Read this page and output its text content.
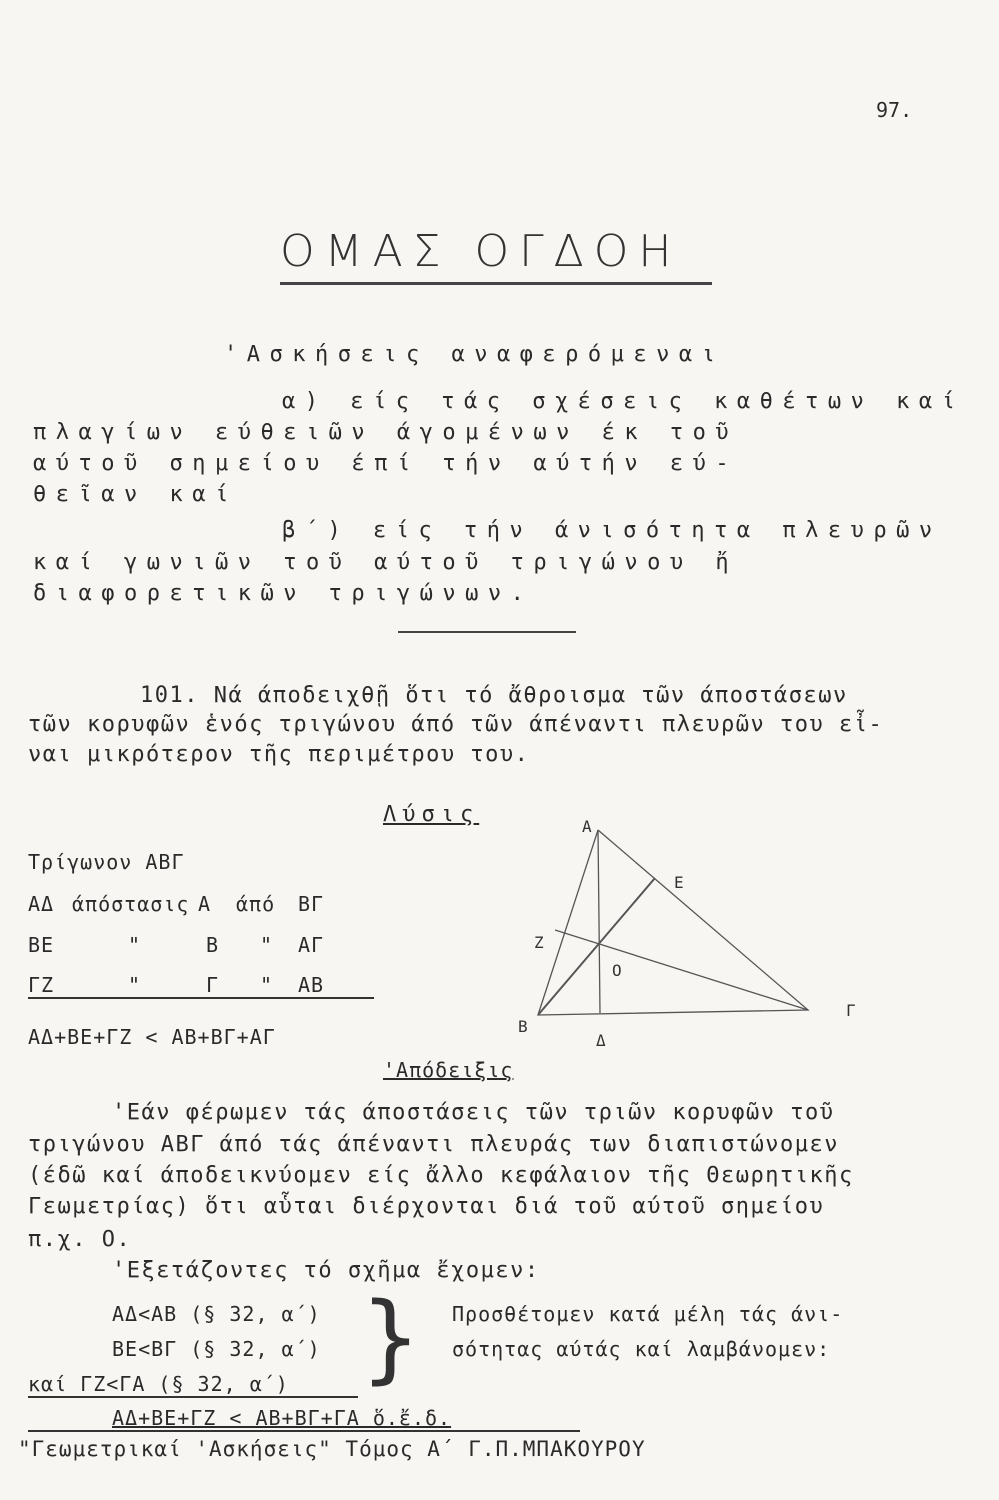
97.
ΟΜΑΣ ΟΓΔΟΗ
'Ασκήσεις αναφερόμεναι
α) είς τάς σχέσεις καθέτων καί
πλαγίων εύθειῶν άγομένων έκ τοῦ
αύτοῦ σημείου έπί τήν αύτήν εύ-
θεῖαν καί
β΄) είς τήν άνισότητα πλευρῶν
καί γωνιῶν τοῦ αύτοῦ τριγώνου ἤ
διαφορετικῶν τριγώνων.
101. Νά άποδειχθῇ ὅτι τό ἄθροισμα τῶν άποστάσεων
τῶν κορυφῶν ἑνός τριγώνου άπό τῶν άπέναντι πλευρῶν του εἶ-
ναι μικρότερον τῆς περιμέτρου του.
Λύσις
Τρίγωνον ΑΒΓ
ΑΔ άπόστασις Α άπό ΒΓ
ΒΕ	"	Β " ΑΓ
ΓΖ	"	Γ " ΑΒ
ΑΔ+ΒΕ+ΓΖ < ΑΒ+ΒΓ+ΑΓ
Α
Ε
Ζ
Ο
Β
Γ
Δ
'Απόδειξις
'Εάν φέρωμεν τάς άποστάσεις τῶν τριῶν κορυφῶν τοῦ
τριγώνου ΑΒΓ άπό τάς άπέναντι πλευράς των διαπιστώνομεν
(έδῶ καί άποδεικνύομεν είς ἄλλο κεφάλαιον τῆς Θεωρητικῆς
Γεωμετρίας) ὅτι αὗται διέρχονται διά τοῦ αύτοῦ σημείου
π.χ. Ο.
'Εξετάζοντες τό σχῆμα ἔχομεν:
ΑΔ<ΑΒ (§ 32, α΄)
ΒΕ<ΒΓ (§ 32, α΄)
καί ΓΖ<ΓΑ (§ 32, α΄) } Προσθέτομεν κατά μέλη τάς άνι-
σότητας αύτάς καί λαμβάνομεν:
ΑΔ+ΒΕ+ΓΖ < ΑΒ+ΒΓ+ΓΑ ὅ.ἔ.δ.
"Γεωμετρικαί 'Ασκήσεις" Τόμος Α΄ Γ.Π.ΜΠΑΚΟΥΡΟΥ
